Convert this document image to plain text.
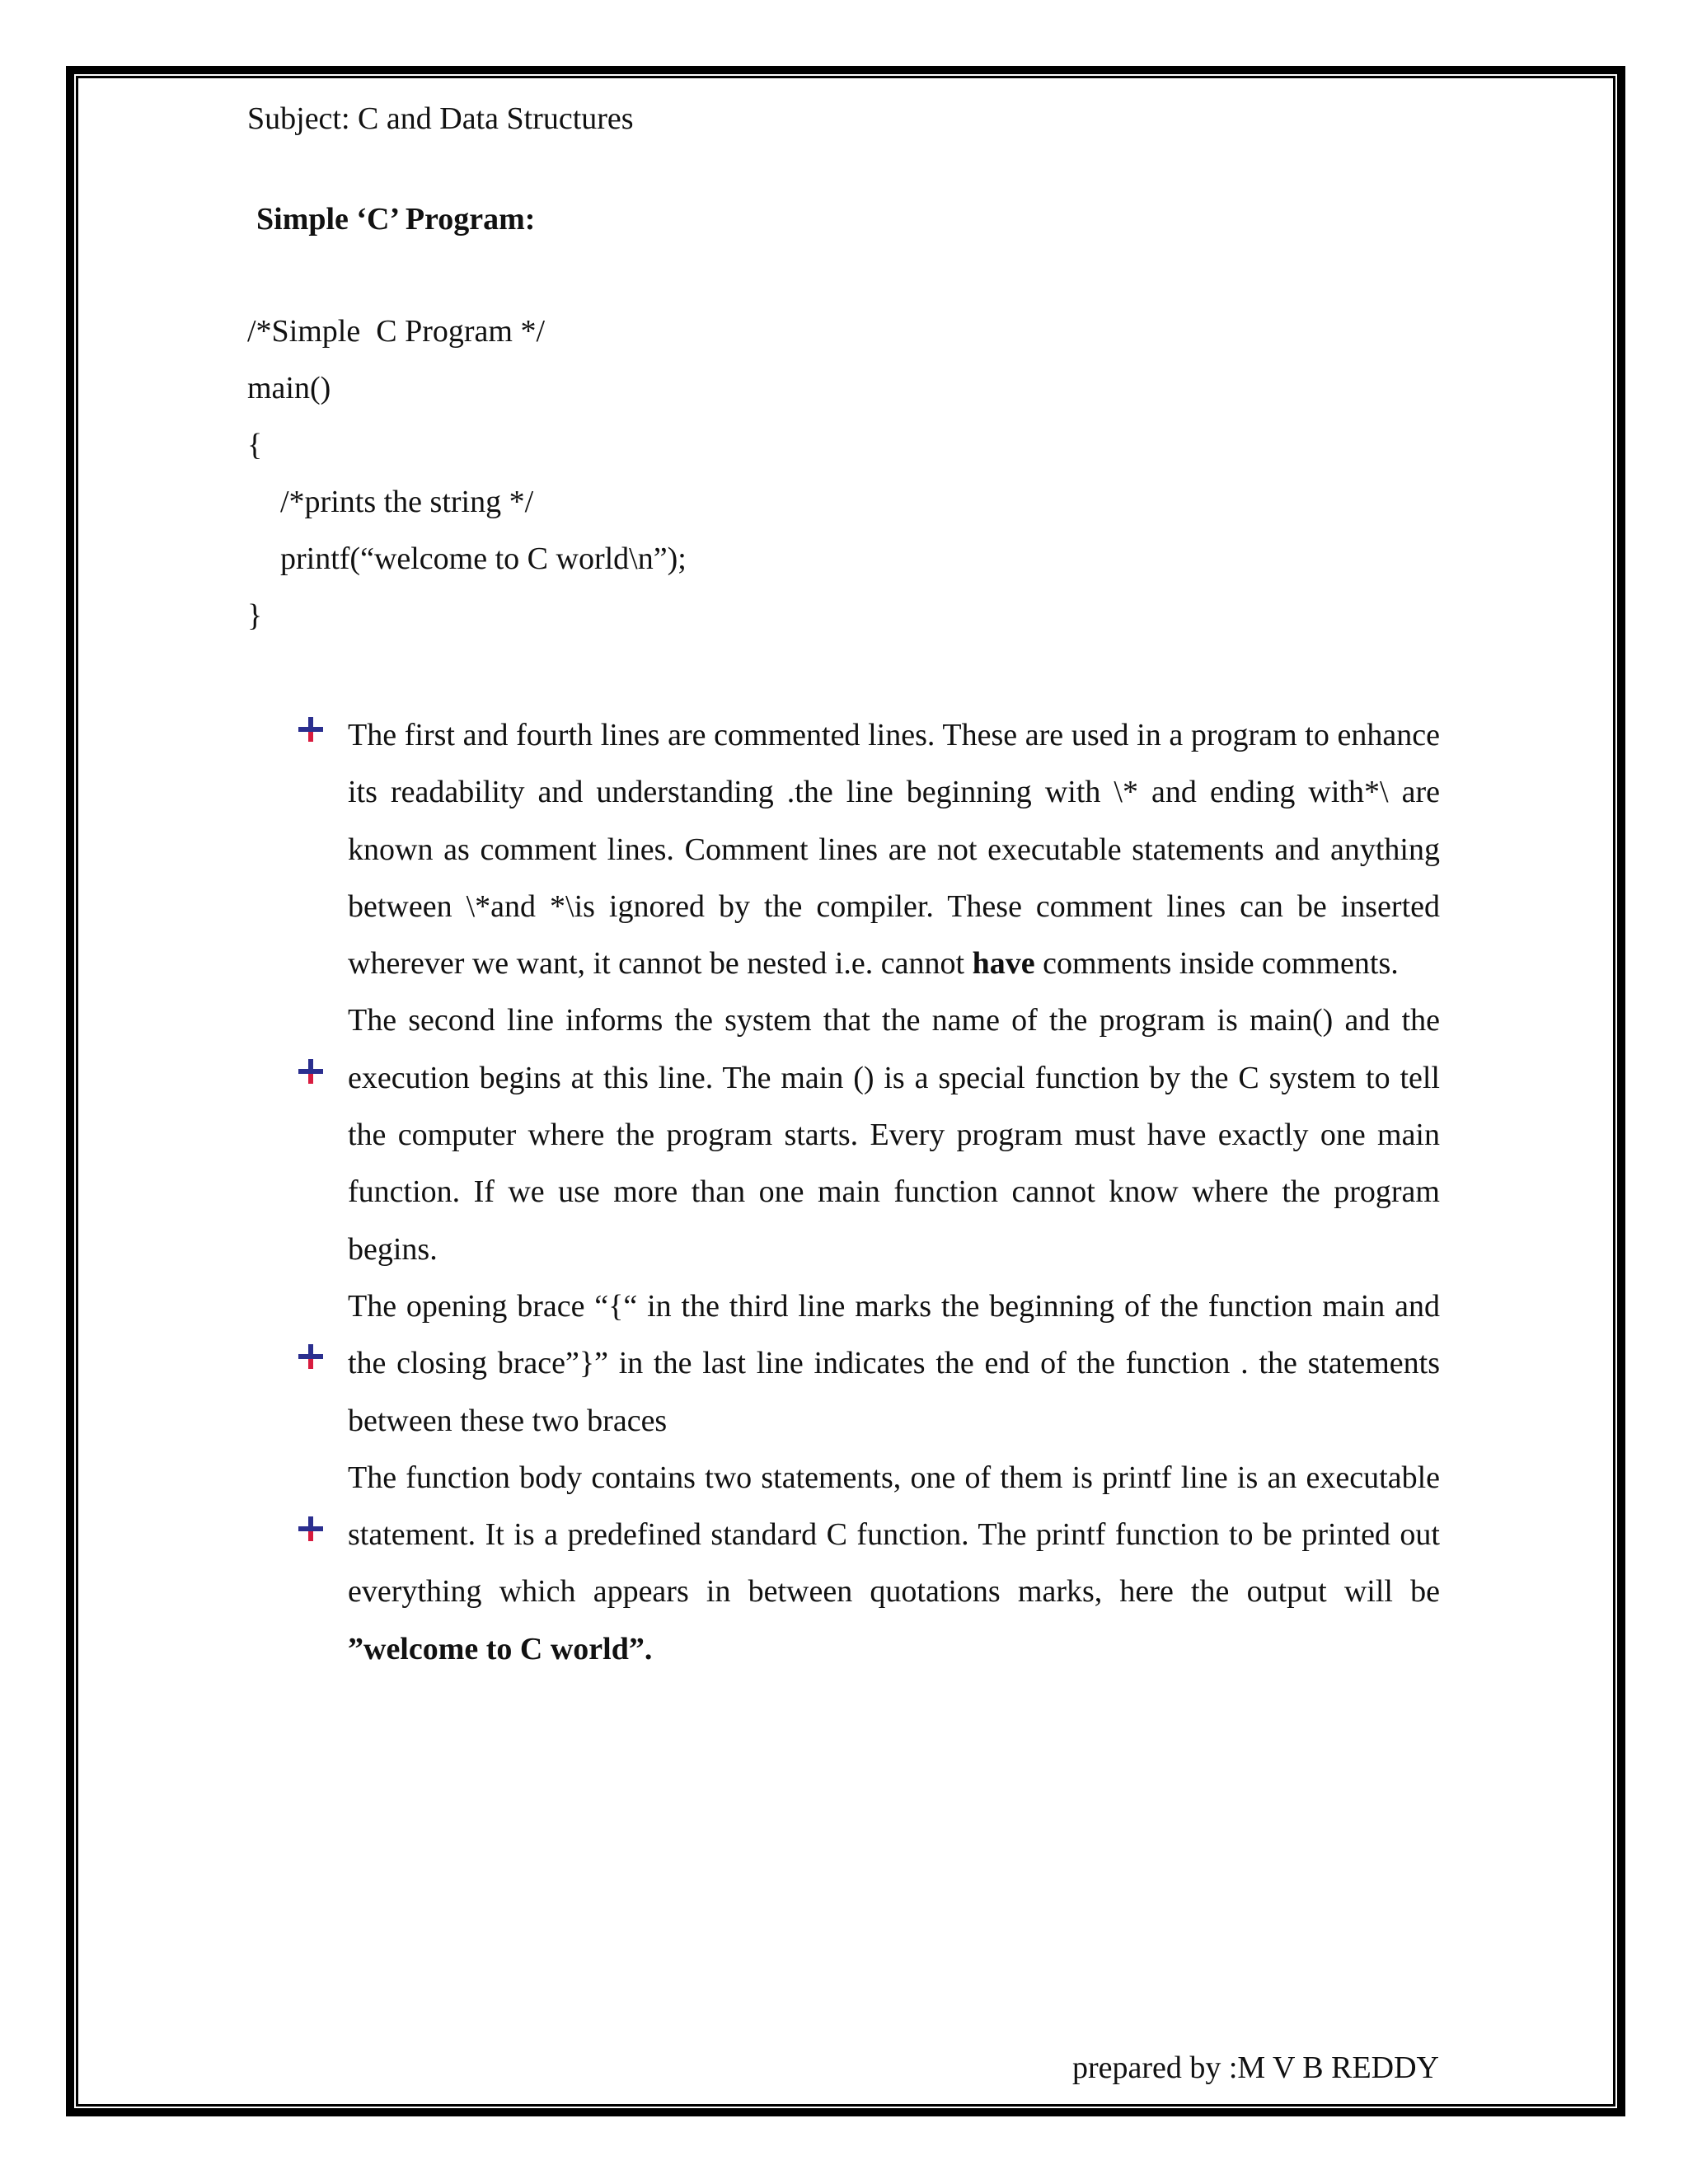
Subject: C and Data Structures
Simple ‘C’ Program:
/*Simple  C Program */
main()
{
/*prints the string */
printf(“welcome to C world\n”);
}
The first and fourth lines are commented lines. These are used in a program to enhance its readability and understanding .the line beginning with \* and ending with*\ are known as comment lines. Comment lines are not executable statements and anything between \*and *\is ignored by the compiler. These comment lines can be inserted wherever we want, it cannot be nested i.e. cannot have comments inside comments.
The second line informs the system that the name of the program is main() and the execution begins at this line. The main () is a special function by the C system to tell the computer where the program starts. Every program must have exactly one main function. If we use more than one main function cannot know where the program begins.
The opening brace “{“ in the third line marks the beginning of the function main and the closing brace”}” in the last line indicates the end of the function . the statements between these two braces
The function body contains two statements, one of them is printf line is an executable statement. It is a predefined standard C function. The printf function to be printed out everything which appears in between quotations marks, here the output will be ”welcome to C world”.
prepared by :M V B REDDY
